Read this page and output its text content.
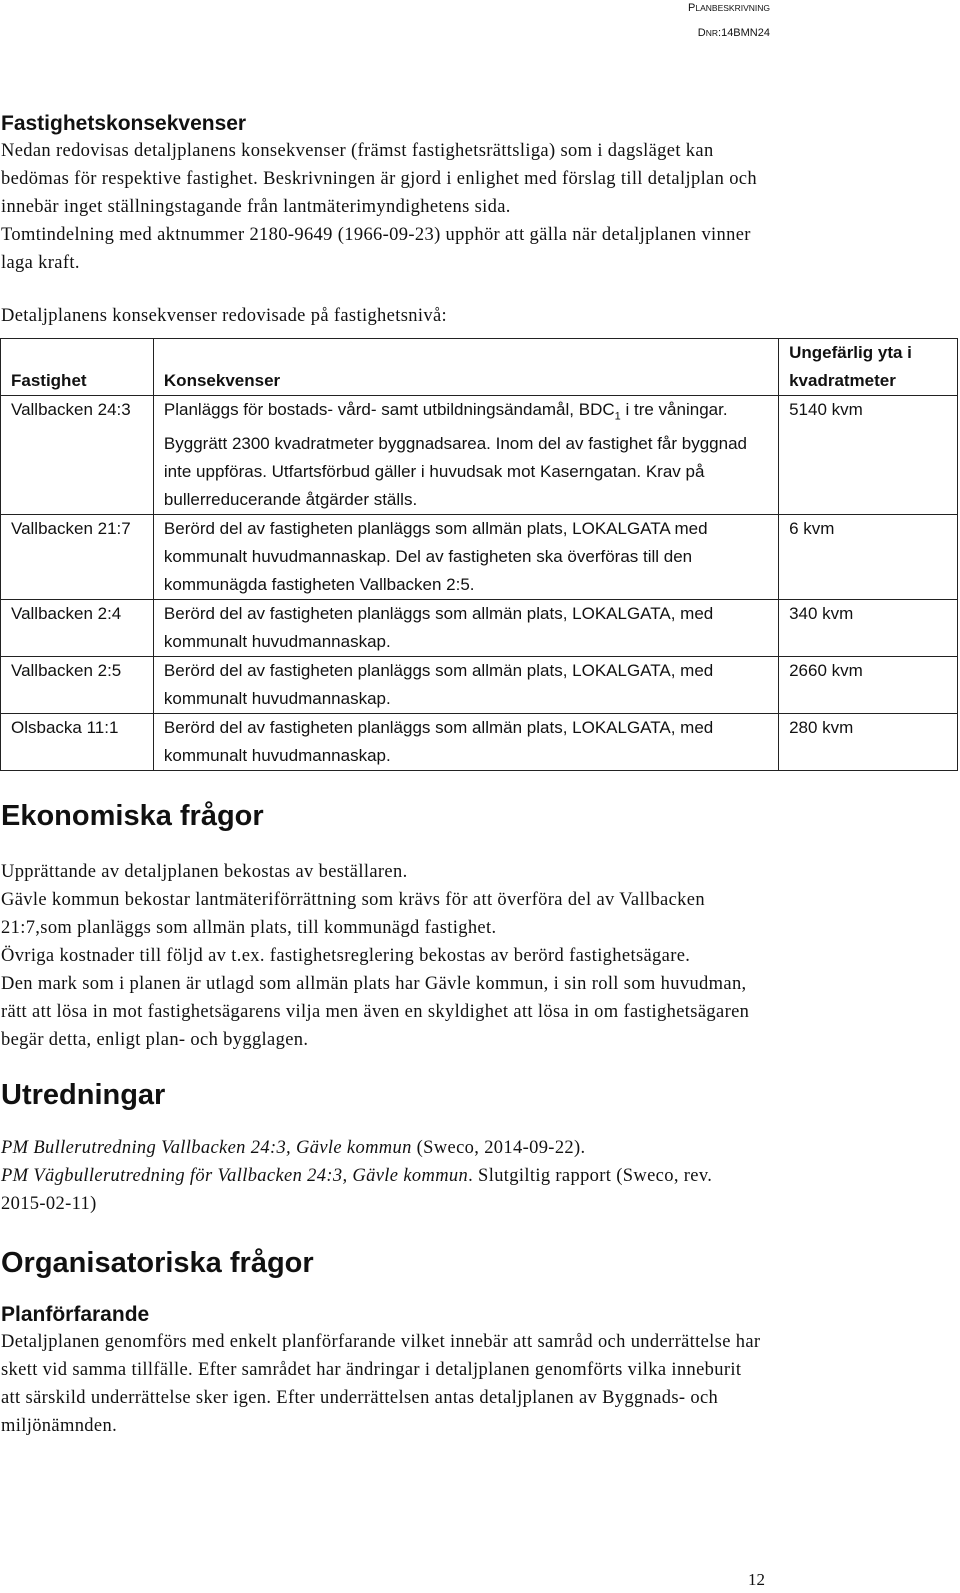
PLANBESKRIVNING
DNR:14BMN24
Fastighetskonsekvenser

Nedan redovisas detaljplanens konsekvenser (främst fastighetsrättsliga) som i dagsläget kan bedömas för respektive fastighet. Beskrivningen är gjord i enlighet med förslag till detaljplan och innebär inget ställningstagande från lantmäterimyndighetens sida.

Tomtindelning med aktnummer 2180-9649 (1966-09-23) upphör att gälla när detaljplanen vinner laga kraft.

Detaljplanens konsekvenser redovisade på fastighetsnivå:

Fastighet	Konsekvenser	Ungefärlig yta i kvadratmeter
Vallbacken 24:3	Planläggs för bostads- vård- samt utbildningsändamål, $BDC_1$ i tre våningar. Byggrätt 2300 kvadratmeter byggnadsarea. Inom del av fastighet får byggnad inte uppföras. Utfartsförbud gäller i huvudsak mot Kaserngatan. Krav på bullerreducerande åtgärder ställs.	5140 kvm
Vallbacken 21:7	Berörd del av fastigheten planläggs som allmän plats, LOKALGATA med kommunalt huvudmannaskap. Del av fastigheten ska överföras till den kommunägda fastigheten Vallbacken 2:5.	6 kvm
Vallbacken 2:4	Berörd del av fastigheten planläggs som allmän plats, LOKALGATA, med kommunalt huvudmannaskap.	340 kvm
Vallbacken 2:5	Berörd del av fastigheten planläggs som allmän plats, LOKALGATA, med kommunalt huvudmannaskap.	2660 kvm
Olsbacka 11:1	Berörd del av fastigheten planläggs som allmän plats, LOKALGATA, med kommunalt huvudmannaskap.	280 kvm
Ekonomiska frågor

Upprättande av detaljplanen bekostas av beställaren.

Gävle kommun bekostar lantmäteriförrättning som krävs för att överföra del av Vallbacken 21:7,som planläggs som allmän plats, till kommunägd fastighet.

Övriga kostnader till följd av t.ex. fastighetsreglering bekostas av berörd fastighetsägare.

Den mark som i planen är utlagd som allmän plats har Gävle kommun, i sin roll som huvudman, rätt att lösa in mot fastighetsägarens vilja men även en skyldighet att lösa in om fastighetsägaren begär detta, enligt plan- och bygglagen.

Utredningar

PM Bullerutredning Vallbacken 24:3, Gävle kommun (Sweco, 2014-09-22).

PM Vägbullerutredning för Vallbacken 24:3, Gävle kommun. Slutgiltig rapport (Sweco, rev. 2015-02-11)

Organisatoriska frågor
Planförfarande

Detaljplanen genomförs med enkelt planförfarande vilket innebär att samråd och underrättelse har skett vid samma tillfälle. Efter samrådet har ändringar i detaljplanen genomförts vilka inneburit att särskild underrättelse sker igen. Efter underrättelsen antas detaljplanen av Byggnads- och miljönämnden.

12
